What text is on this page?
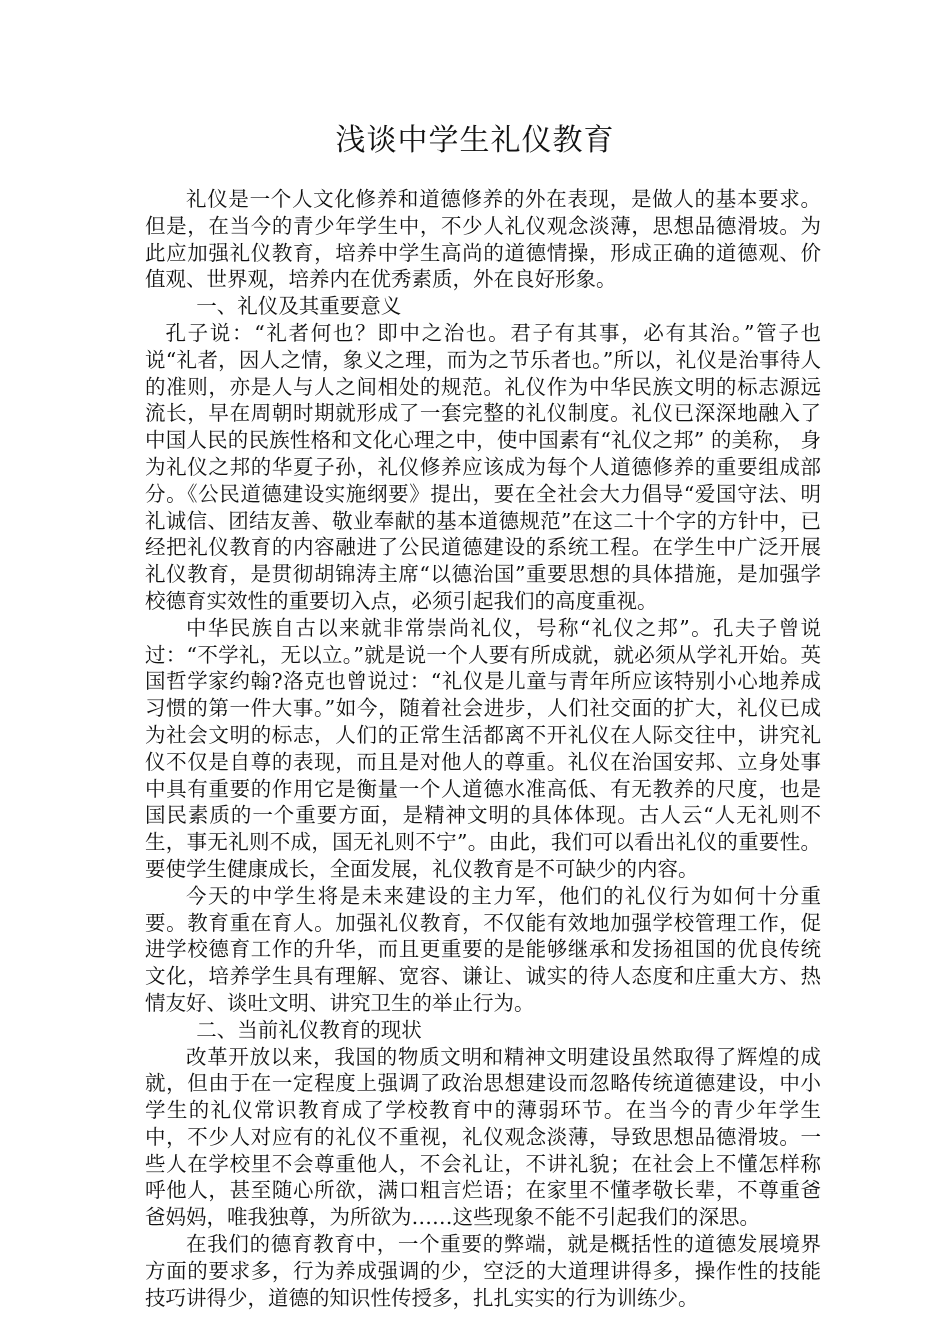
浅谈中学生礼仪教育

礼仪是一个人文化修养和道德修养的外在表现，是做人的基本要求。但是，在当今的青少年学生中，不少人礼仪观念淡薄，思想品德滑坡。为此应加强礼仪教育，培养中学生高尚的道德情操，形成正确的道德观、价值观、世界观，培养内在优秀素质，外在良好形象。

一、礼仪及其重要意义

孔子说：“礼者何也？即中之治也。君子有其事，必有其治。”管子也说“礼者，因人之情，象义之理，而为之节乐者也。”所以，礼仪是治事待人的准则，亦是人与人之间相处的规范。礼仪作为中华民族文明的标志源远流长，早在周朝时期就形成了一套完整的礼仪制度。礼仪已深深地融入了中国人民的民族性格和文化心理之中，使中国素有“礼仪之邦” 的美称， 身为礼仪之邦的华夏子孙，礼仪修养应该成为每个人道德修养的重要组成部分。《公民道德建设实施纲要》提出，要在全社会大力倡导“爱国守法、明礼诚信、团结友善、敬业奉献的基本道德规范”在这二十个字的方针中，已经把礼仪教育的内容融进了公民道德建设的系统工程。在学生中广泛开展礼仪教育，是贯彻胡锦涛主席“以德治国”重要思想的具体措施，是加强学校德育实效性的重要切入点，必须引起我们的高度重视。

中华民族自古以来就非常崇尚礼仪，号称“礼仪之邦”。孔夫子曾说过：“不学礼，无以立。”就是说一个人要有所成就，就必须从学礼开始。英国哲学家约翰?洛克也曾说过：“礼仪是儿童与青年所应该特别小心地养成习惯的第一件大事。”如今，随着社会进步，人们社交面的扩大，礼仪已成为社会文明的标志，人们的正常生活都离不开礼仪在人际交往中，讲究礼仪不仅是自尊的表现，而且是对他人的尊重。礼仪在治国安邦、立身处事中具有重要的作用它是衡量一个人道德水准高低、有无教养的尺度，也是国民素质的一个重要方面，是精神文明的具体体现。古人云“人无礼则不生，事无礼则不成，国无礼则不宁”。由此，我们可以看出礼仪的重要性。要使学生健康成长，全面发展，礼仪教育是不可缺少的内容。

今天的中学生将是未来建设的主力军，他们的礼仪行为如何十分重要。教育重在育人。加强礼仪教育，不仅能有效地加强学校管理工作，促进学校德育工作的升华，而且更重要的是能够继承和发扬祖国的优良传统文化，培养学生具有理解、宽容、谦让、诚实的待人态度和庄重大方、热情友好、谈吐文明、讲究卫生的举止行为。

二、当前礼仪教育的现状

改革开放以来，我国的物质文明和精神文明建设虽然取得了辉煌的成就，但由于在一定程度上强调了政治思想建设而忽略传统道德建设，中小学生的礼仪常识教育成了学校教育中的薄弱环节。在当今的青少年学生中，不少人对应有的礼仪不重视，礼仪观念淡薄，导致思想品德滑坡。一些人在学校里不会尊重他人，不会礼让，不讲礼貌；在社会上不懂怎样称呼他人，甚至随心所欲，满口粗言烂语；在家里不懂孝敬长辈，不尊重爸爸妈妈，唯我独尊，为所欲为……这些现象不能不引起我们的深思。

在我们的德育教育中，一个重要的弊端，就是概括性的道德发展境界方面的要求多，行为养成强调的少，空泛的大道理讲得多，操作性的技能技巧讲得少，道德的知识性传授多，扎扎实实的行为训练少。
